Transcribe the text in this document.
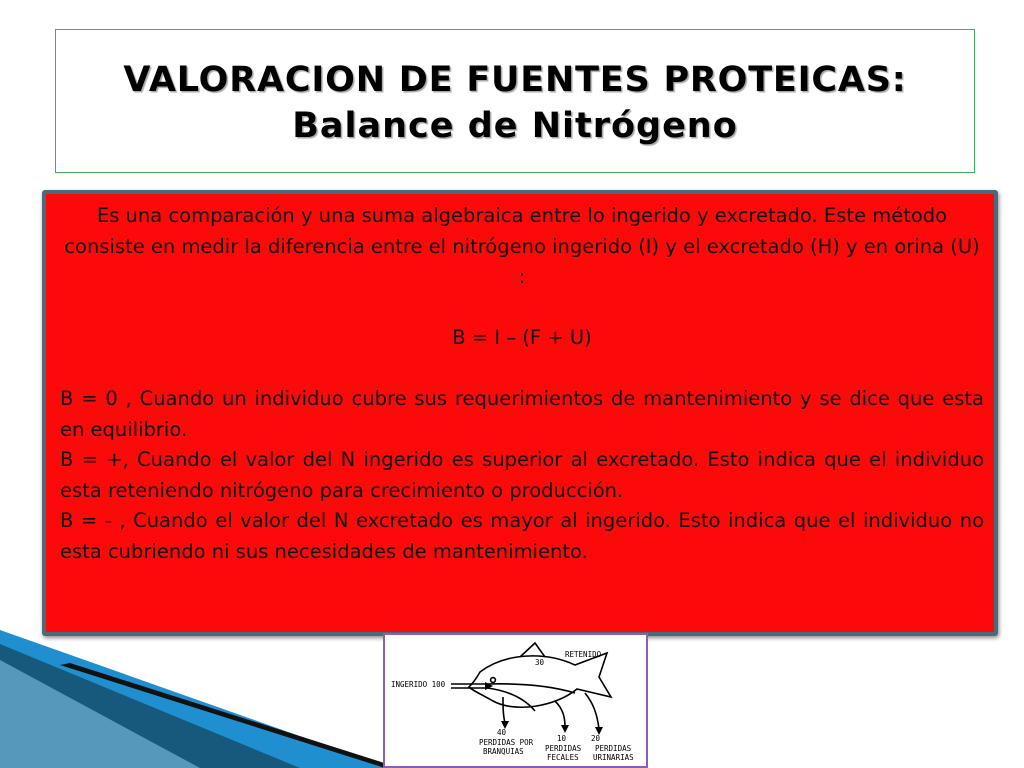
VALORACION DE FUENTES PROTEICAS:
Balance de Nitrógeno

Es una comparación y una suma algebraica entre lo ingerido y excretado. Este método consiste en medir la diferencia entre el nitrógeno ingerido (I) y el excretado (H) y en orina (U) :

B = I – (F + U)

B = 0 , Cuando un individuo cubre sus requerimientos de mantenimiento y se dice que esta en equilibrio.

B = +, Cuando el valor del N ingerido es superior al excretado. Esto indica que el individuo esta reteniendo nitrógeno para crecimiento o producción.

B = - , Cuando el valor del N excretado es mayor al ingerido. Esto indica que el individuo no esta cubriendo ni sus necesidades de mantenimiento.

RETENIDO
30
INGERIDO 100
40
PERDIDAS POR
BRANQUIAS
10
PERDIDAS
FECALES
20
PERDIDAS
URINARIAS
